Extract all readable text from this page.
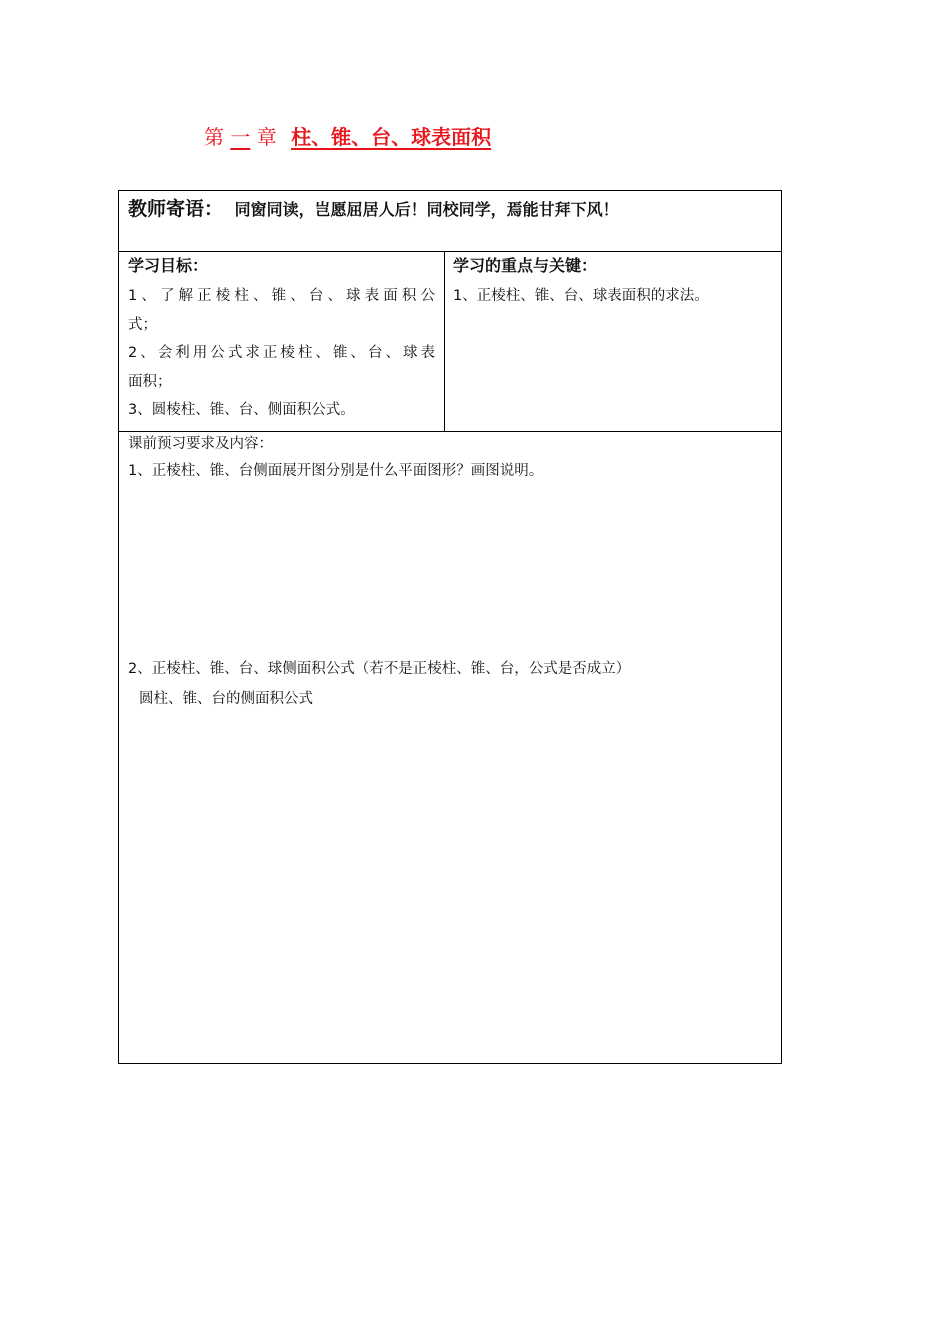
第 一 章 柱、锥、台、球表面积
教师寄语： 同窗同读，岂愿屈居人后！同校同学，焉能甘拜下风！
学习目标：
1、了解正棱柱、锥、台、球表面积公
式；
2、会利用公式求正棱柱、锥、台、球表
面积；
3、圆棱柱、锥、台、侧面积公式。
学习的重点与关键：
1、正棱柱、锥、台、球表面积的求法。
课前预习要求及内容：
1、正棱柱、锥、台侧面展开图分别是什么平面图形？画图说明。
2、正棱柱、锥、台、球侧面积公式（若不是正棱柱、锥、台，公式是否成立）
圆柱、锥、台的侧面积公式
